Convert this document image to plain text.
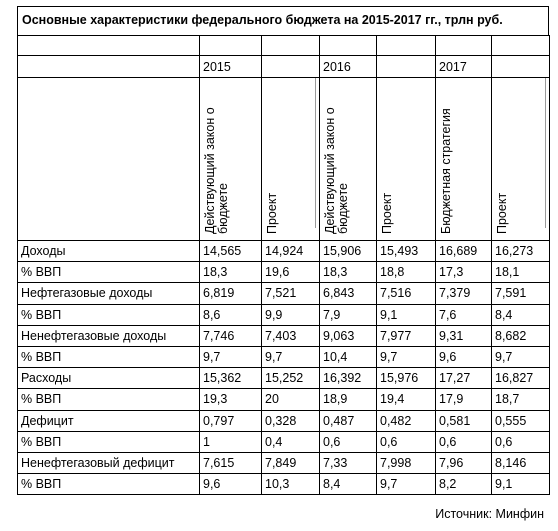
Основные характеристики федерального бюджета на 2015-2017 гг., трлн руб.

	2015		2016		2017	

	Действующий закон о бюджете	Проект	Действующий закон о бюджете	Проект	Бюджетная стратегия	Проект

Доходы	14,565	14,924	15,906	15,493	16,689	16,273
% ВВП	18,3	19,6	18,3	18,8	17,3	18,1
Нефтегазовые доходы	6,819	7,521	6,843	7,516	7,379	7,591
% ВВП	8,6	9,9	7,9	9,1	7,6	8,4
Ненефтегазовые доходы	7,746	7,403	9,063	7,977	9,31	8,682
% ВВП	9,7	9,7	10,4	9,7	9,6	9,7
Расходы	15,362	15,252	16,392	15,976	17,27	16,827
% ВВП	19,3	20	18,9	19,4	17,9	18,7
Дефицит	0,797	0,328	0,487	0,482	0,581	0,555
% ВВП	1	0,4	0,6	0,6	0,6	0,6
Ненефтегазовый дефицит	7,615	7,849	7,33	7,998	7,96	8,146
% ВВП	9,6	10,3	8,4	9,7	8,2	9,1
Источник: Минфин
